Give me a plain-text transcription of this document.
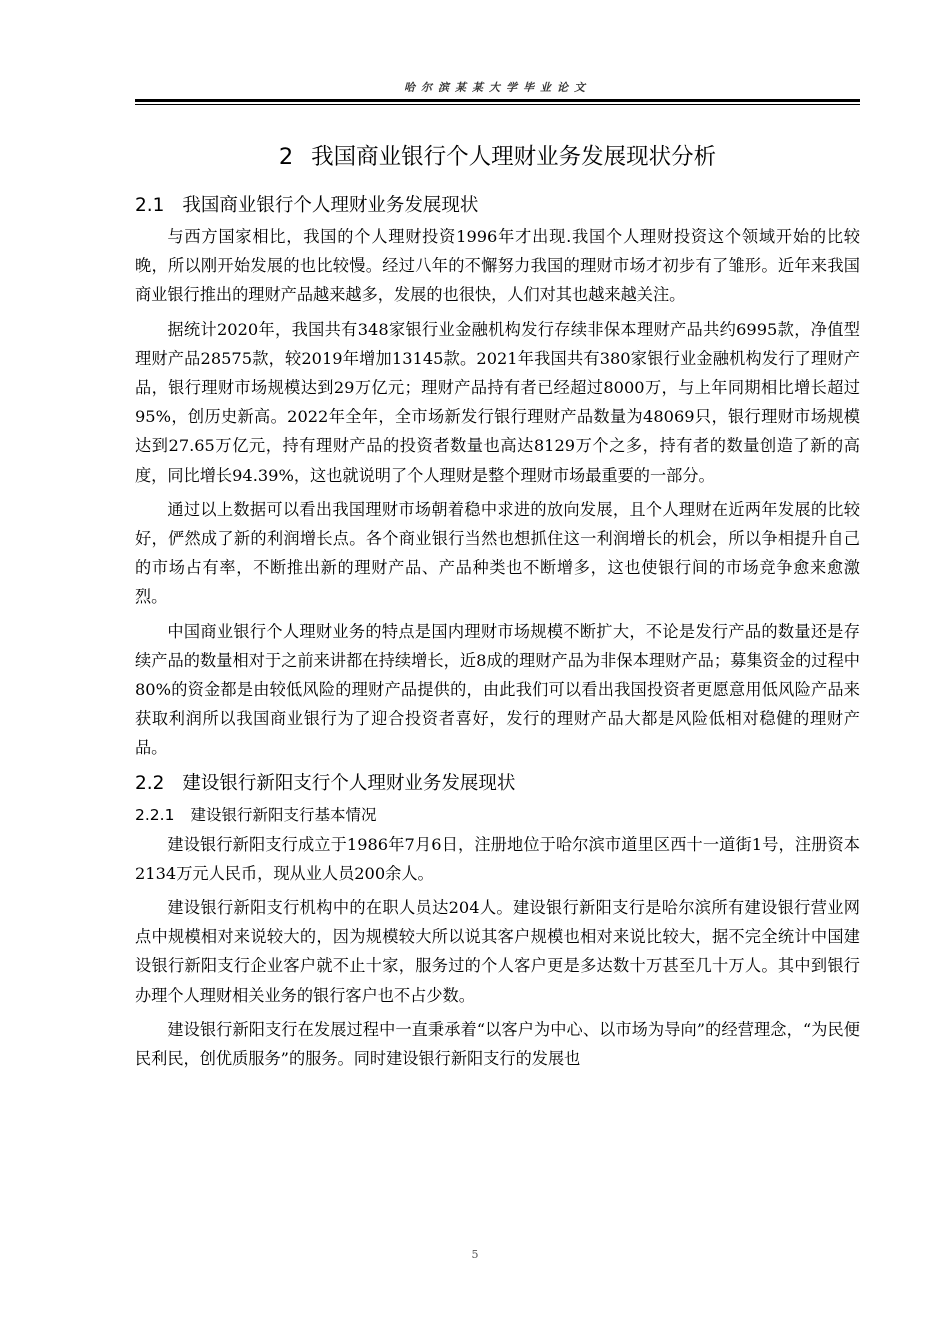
哈尔滨某某大学毕业论文
2 我国商业银行个人理财业务发展现状分析
2.1 我国商业银行个人理财业务发展现状

与西方国家相比，我国的个人理财投资1996年才出现.我国个人理财投资这个领域开始的比较晚，所以刚开始发展的也比较慢。经过八年的不懈努力我国的理财市场才初步有了雏形。近年来我国商业银行推出的理财产品越来越多，发展的也很快，人们对其也越来越关注。

据统计2020年，我国共有348家银行业金融机构发行存续非保本理财产品共约6995款，净值型理财产品28575款，较2019年增加13145款。2021年我国共有380家银行业金融机构发行了理财产品，银行理财市场规模达到29万亿元；理财产品持有者已经超过8000万，与上年同期相比增长超过95%，创历史新高。2022年全年，全市场新发行银行理财产品数量为48069只，银行理财市场规模达到27.65万亿元，持有理财产品的投资者数量也高达8129万个之多，持有者的数量创造了新的高度，同比增长94.39%，这也就说明了个人理财是整个理财市场最重要的一部分。

通过以上数据可以看出我国理财市场朝着稳中求进的放向发展，且个人理财在近两年发展的比较好，俨然成了新的利润增长点。各个商业银行当然也想抓住这一利润增长的机会，所以争相提升自己的市场占有率，不断推出新的理财产品、产品种类也不断增多，这也使银行间的市场竞争愈来愈激烈。

中国商业银行个人理财业务的特点是国内理财市场规模不断扩大，不论是发行产品的数量还是存续产品的数量相对于之前来讲都在持续增长，近8成的理财产品为非保本理财产品；募集资金的过程中80%的资金都是由较低风险的理财产品提供的，由此我们可以看出我国投资者更愿意用低风险产品来获取利润所以我国商业银行为了迎合投资者喜好，发行的理财产品大都是风险低相对稳健的理财产品。

2.2 建设银行新阳支行个人理财业务发展现状
2.2.1 建设银行新阳支行基本情况

建设银行新阳支行成立于1986年7月6日，注册地位于哈尔滨市道里区西十一道街1号，注册资本2134万元人民币，现从业人员200余人。

建设银行新阳支行机构中的在职人员达204人。建设银行新阳支行是哈尔滨所有建设银行营业网点中规模相对来说较大的，因为规模较大所以说其客户规模也相对来说比较大，据不完全统计中国建设银行新阳支行企业客户就不止十家，服务过的个人客户更是多达数十万甚至几十万人。其中到银行办理个人理财相关业务的银行客户也不占少数。

建设银行新阳支行在发展过程中一直秉承着“以客户为中心、以市场为导向”的经营理念，“为民便民利民，创优质服务”的服务。同时建设银行新阳支行的发展也

5
